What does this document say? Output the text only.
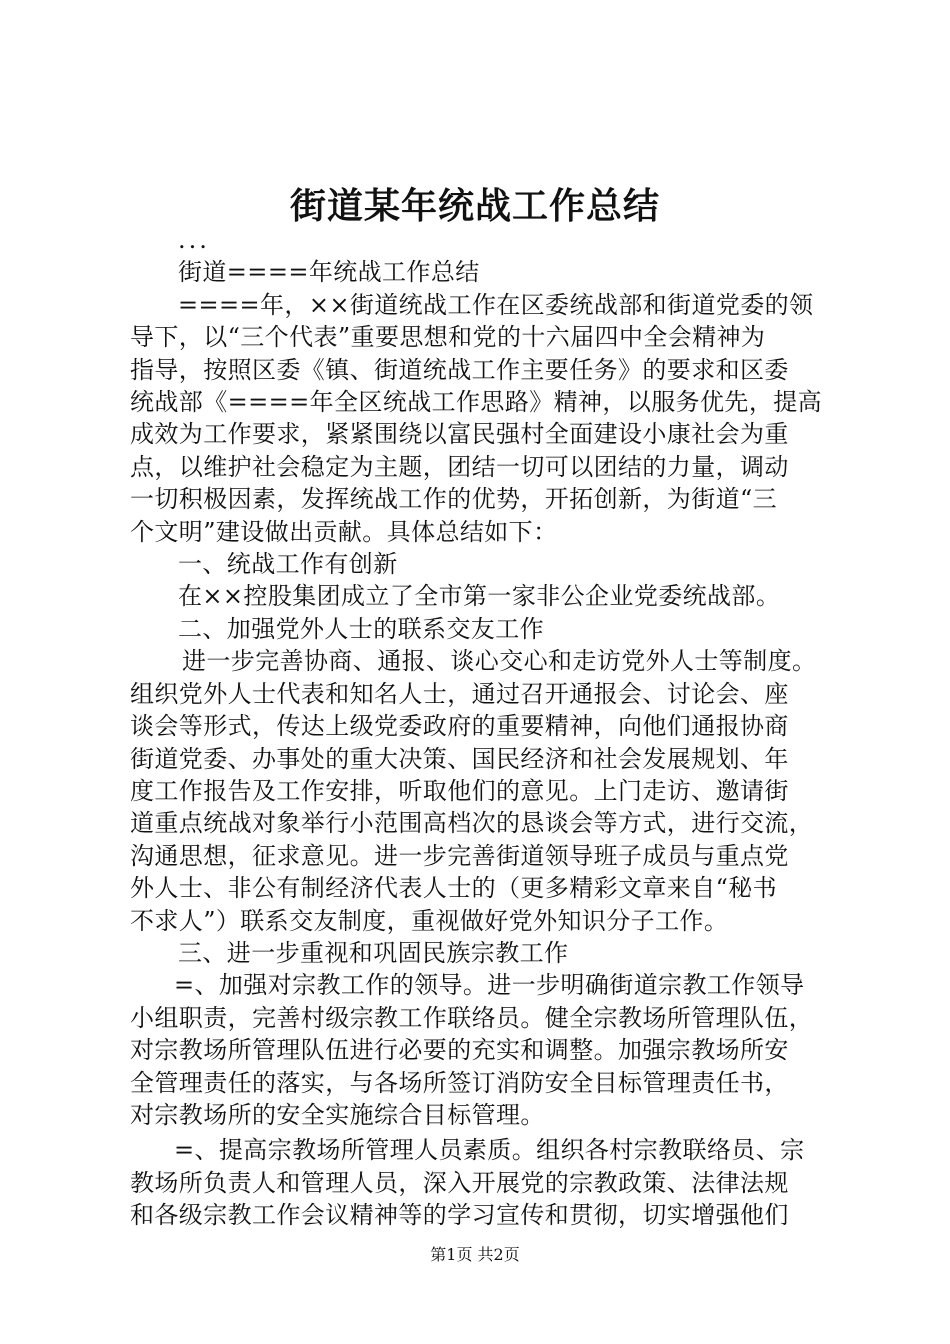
街道某年统战工作总结

...

街道====年统战工作总结

====年，××街道统战工作在区委统战部和街道党委的领

导下，以“三个代表”重要思想和党的十六届四中全会精神为

指导，按照区委《镇、街道统战工作主要任务》的要求和区委

统战部《====年全区统战工作思路》精神，以服务优先，提高

成效为工作要求，紧紧围绕以富民强村全面建设小康社会为重

点，以维护社会稳定为主题，团结一切可以团结的力量，调动

一切积极因素，发挥统战工作的优势，开拓创新，为街道“三

个文明”建设做出贡献。具体总结如下：

一、统战工作有创新

在××控股集团成立了全市第一家非公企业党委统战部。

二、加强党外人士的联系交友工作

进一步完善协商、通报、谈心交心和走访党外人士等制度。

组织党外人士代表和知名人士，通过召开通报会、讨论会、座

谈会等形式，传达上级党委政府的重要精神，向他们通报协商

街道党委、办事处的重大决策、国民经济和社会发展规划、年

度工作报告及工作安排，听取他们的意见。上门走访、邀请街

道重点统战对象举行小范围高档次的恳谈会等方式，进行交流，

沟通思想，征求意见。进一步完善街道领导班子成员与重点党

外人士、非公有制经济代表人士的（更多精彩文章来自“秘书

不求人”）联系交友制度，重视做好党外知识分子工作。

三、进一步重视和巩固民族宗教工作

=、加强对宗教工作的领导。进一步明确街道宗教工作领导

小组职责，完善村级宗教工作联络员。健全宗教场所管理队伍，

对宗教场所管理队伍进行必要的充实和调整。加强宗教场所安

全管理责任的落实，与各场所签订消防安全目标管理责任书，

对宗教场所的安全实施综合目标管理。

=、提高宗教场所管理人员素质。组织各村宗教联络员、宗

教场所负责人和管理人员，深入开展党的宗教政策、法律法规

和各级宗教工作会议精神等的学习宣传和贯彻，切实增强他们

第1页 共2页
